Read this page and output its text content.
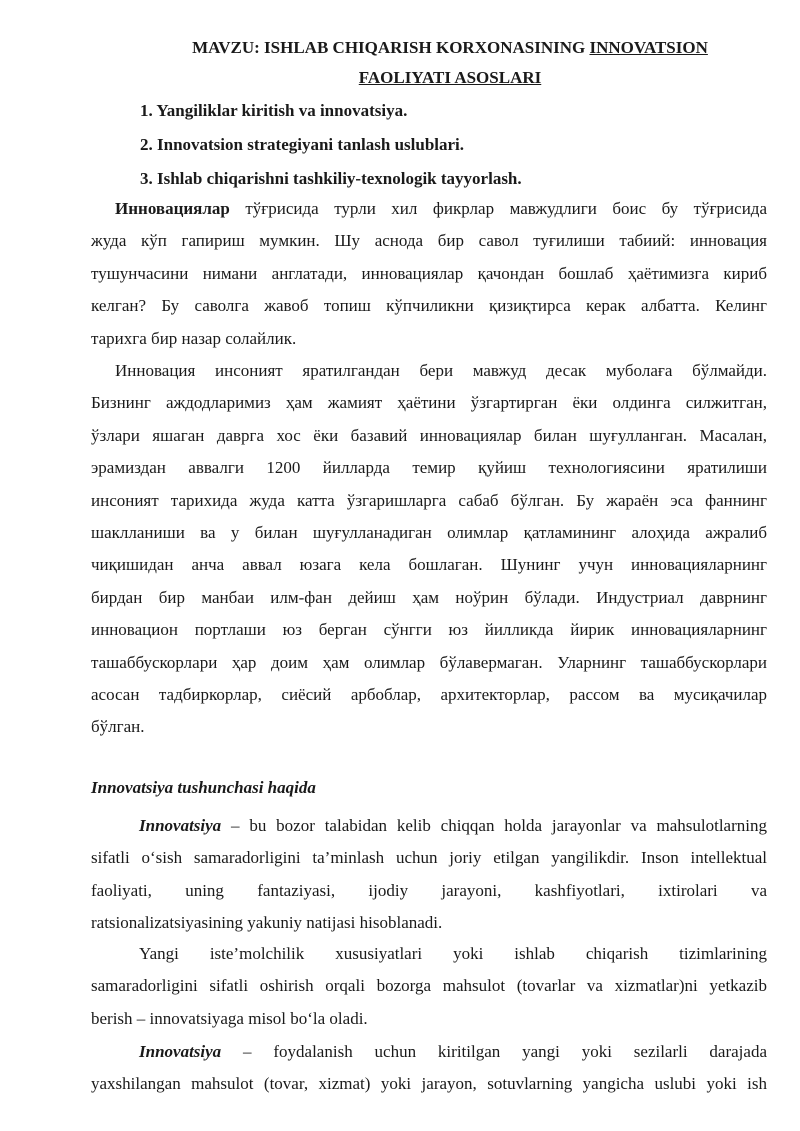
MAVZU: ISHLAB CHIQARISH KORXONASINING INNOVATSION
FAOLIYATI ASOSLARI
1. Yangiliklar kiritish va innovatsiya.
2. Innovatsion strategiyani tanlash uslublari.
3. Ishlab chiqarishni tashkiliy-texnologik tayyorlash.
Инновациялар тўғрисида турли хил фикрлар мавжудлиги боис бу тўғрисида
жуда кўп гапириш мумкин. Шу аснода бир савол туғилиши табиий: инновация
тушунчасини нимани англатади, инновациялар қачондан бошлаб ҳаётимизга кириб
келган? Бу саволга жавоб топиш кўпчиликни қизиқтирса керак албатта. Келинг
тарихга бир назар солайлик.
Инновация инсоният яратилгандан бери мавжуд десак муболаға бўлмайди.
Бизнинг аждодларимиз ҳам жамият ҳаётини ўзгартирган ёки олдинга силжитган,
ўзлари яшаган даврга хос ёки базавий инновациялар билан шуғулланган. Масалан,
эрамиздан аввалги 1200 йилларда темир қуйиш технологиясини яратилиши
инсоният тарихида жуда катта ўзгаришларга сабаб бўлган. Бу жараён эса фаннинг
шаклланиши ва у билан шуғулланадиган олимлар қатламининг алоҳида ажралиб
чиқишидан анча аввал юзага кела бошлаган. Шунинг учун инновацияларнинг
бирдан бир манбаи илм-фан дейиш ҳам ноўрин бўлади. Индустриал даврнинг
инновацион портлаши юз берган сўнгги юз йилликда йирик инновацияларнинг
ташаббускорлари ҳар доим ҳам олимлар бўлавермаган. Уларнинг ташаббускорлари
асосан тадбиркорлар, сиёсий арбоблар, архитекторлар, рассом ва мусиқачилар
бўлган.
Innovatsiya tushunchasi haqida
Innovatsiya – bu bozor talabidan kelib chiqqan holda jarayonlar va mahsulotlarning
sifatli o‘sish samaradorligini ta’minlash uchun joriy etilgan yangilikdir. Inson intellektual
faoliyati, uning fantaziyasi, ijodiy jarayoni, kashfiyotlari, ixtirolari va
ratsionalizatsiyasining yakuniy natijasi hisoblanadi.
Yangi iste’molchilik xususiyatlari yoki ishlab chiqarish tizimlarining
samaradorligini sifatli oshirish orqali bozorga mahsulot (tovarlar va xizmatlar)ni yetkazib
berish – innovatsiyaga misol bo‘la oladi.
Innovatsiya – foydalanish uchun kiritilgan yangi yoki sezilarli darajada
yaxshilangan mahsulot (tovar, xizmat) yoki jarayon, sotuvlarning yangicha uslubi yoki ish
